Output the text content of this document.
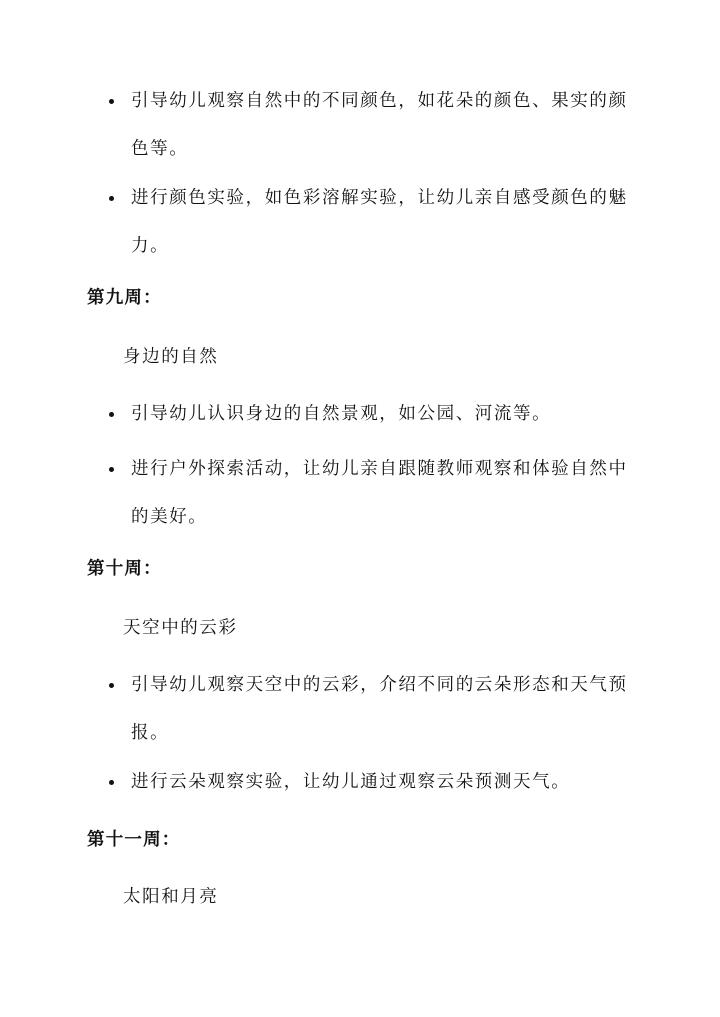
引导幼儿观察自然中的不同颜色，如花朵的颜色、果实的颜色等。
进行颜色实验，如色彩溶解实验，让幼儿亲自感受颜色的魅力。
第九周：
身边的自然
引导幼儿认识身边的自然景观，如公园、河流等。
进行户外探索活动，让幼儿亲自跟随教师观察和体验自然中的美好。
第十周：
天空中的云彩
引导幼儿观察天空中的云彩，介绍不同的云朵形态和天气预报。
进行云朵观察实验，让幼儿通过观察云朵预测天气。
第十一周：
太阳和月亮
